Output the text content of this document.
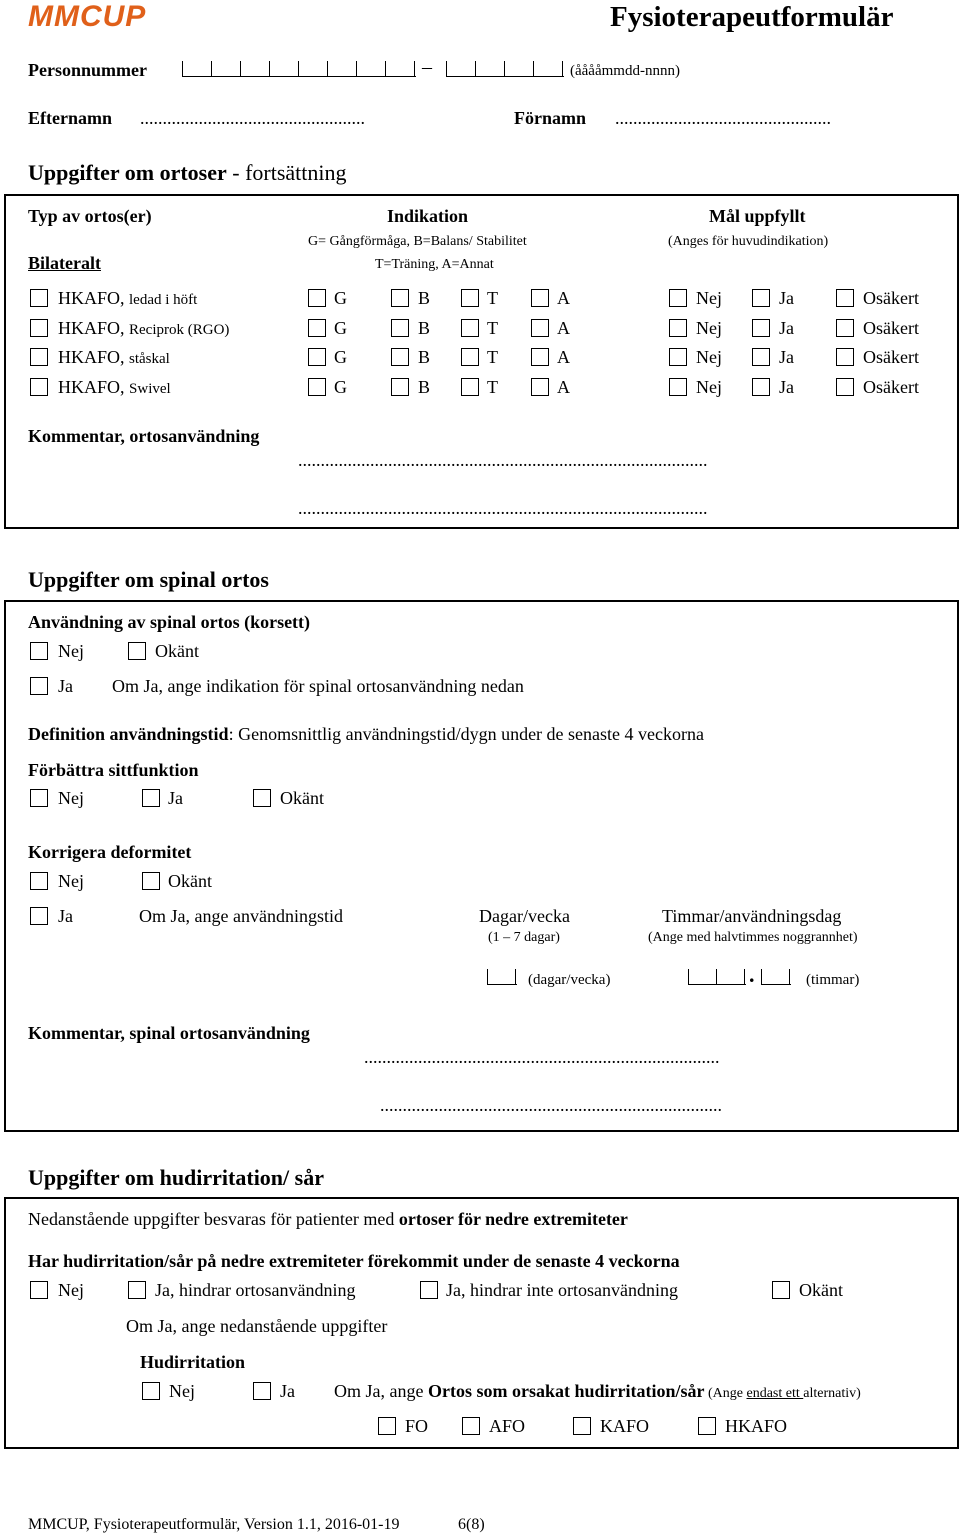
MMCUP	Fysioterapeutformulär
Personnummer	–	(ååååmmdd-nnnn)
Efternamn ..................................................	Förnamn ................................................
Uppgifter om ortoser - fortsättning
Typ av ortos(er)	Indikation	Mål uppfyllt
G= Gångförmåga, B=Balans/ Stabilitet
T=Träning, A=Annat
(Anges för huvudindikation)
Bilateralt
HKAFO, ledad i höft	G	B	T	A	Nej	Ja	Osäkert
HKAFO, Reciprok (RGO)	G	B	T	A	Nej	Ja	Osäkert
HKAFO, ståskal	G	B	T	A	Nej	Ja	Osäkert
HKAFO, Swivel	G	B	T	A	Nej	Ja	Osäkert
Kommentar, ortosanvändning
...........................................................................................
...........................................................................................
Uppgifter om spinal ortos
Användning av spinal ortos (korsett)
Nej	Okänt
Ja Om Ja, ange indikation för spinal ortosanvändning nedan
Definition användningstid: Genomsnittlig användningstid/dygn under de senaste 4 veckorna
Förbättra sittfunktion
Nej	Ja	Okänt
Korrigera deformitet
Nej	Okänt
Ja	Om Ja, ange användningstid	Dagar/vecka
(1 – 7 dagar)
Timmar/användningsdag
(Ange med halvtimmes noggrannhet)
(dagar/vecka)	.	(timmar)
Kommentar, spinal ortosanvändning
...............................................................................
............................................................................
Uppgifter om hudirritation/ sår
Nedanstående uppgifter besvaras för patienter med ortoser för nedre extremiteter
Har hudirritation/sår på nedre extremiteter förekommit under de senaste 4 veckorna
Nej	Ja, hindrar ortosanvändning	Ja, hindrar inte ortosanvändning	Okänt
Om Ja, ange nedanstående uppgifter
Hudirritation
Nej	Ja Om Ja, ange Ortos som orsakat hudirritation/sår (Ange endast ett alternativ)
FO	AFO	KAFO	HKAFO
MMCUP, Fysioterapeutformulär, Version 1.1, 2016-01-19	6(8)
